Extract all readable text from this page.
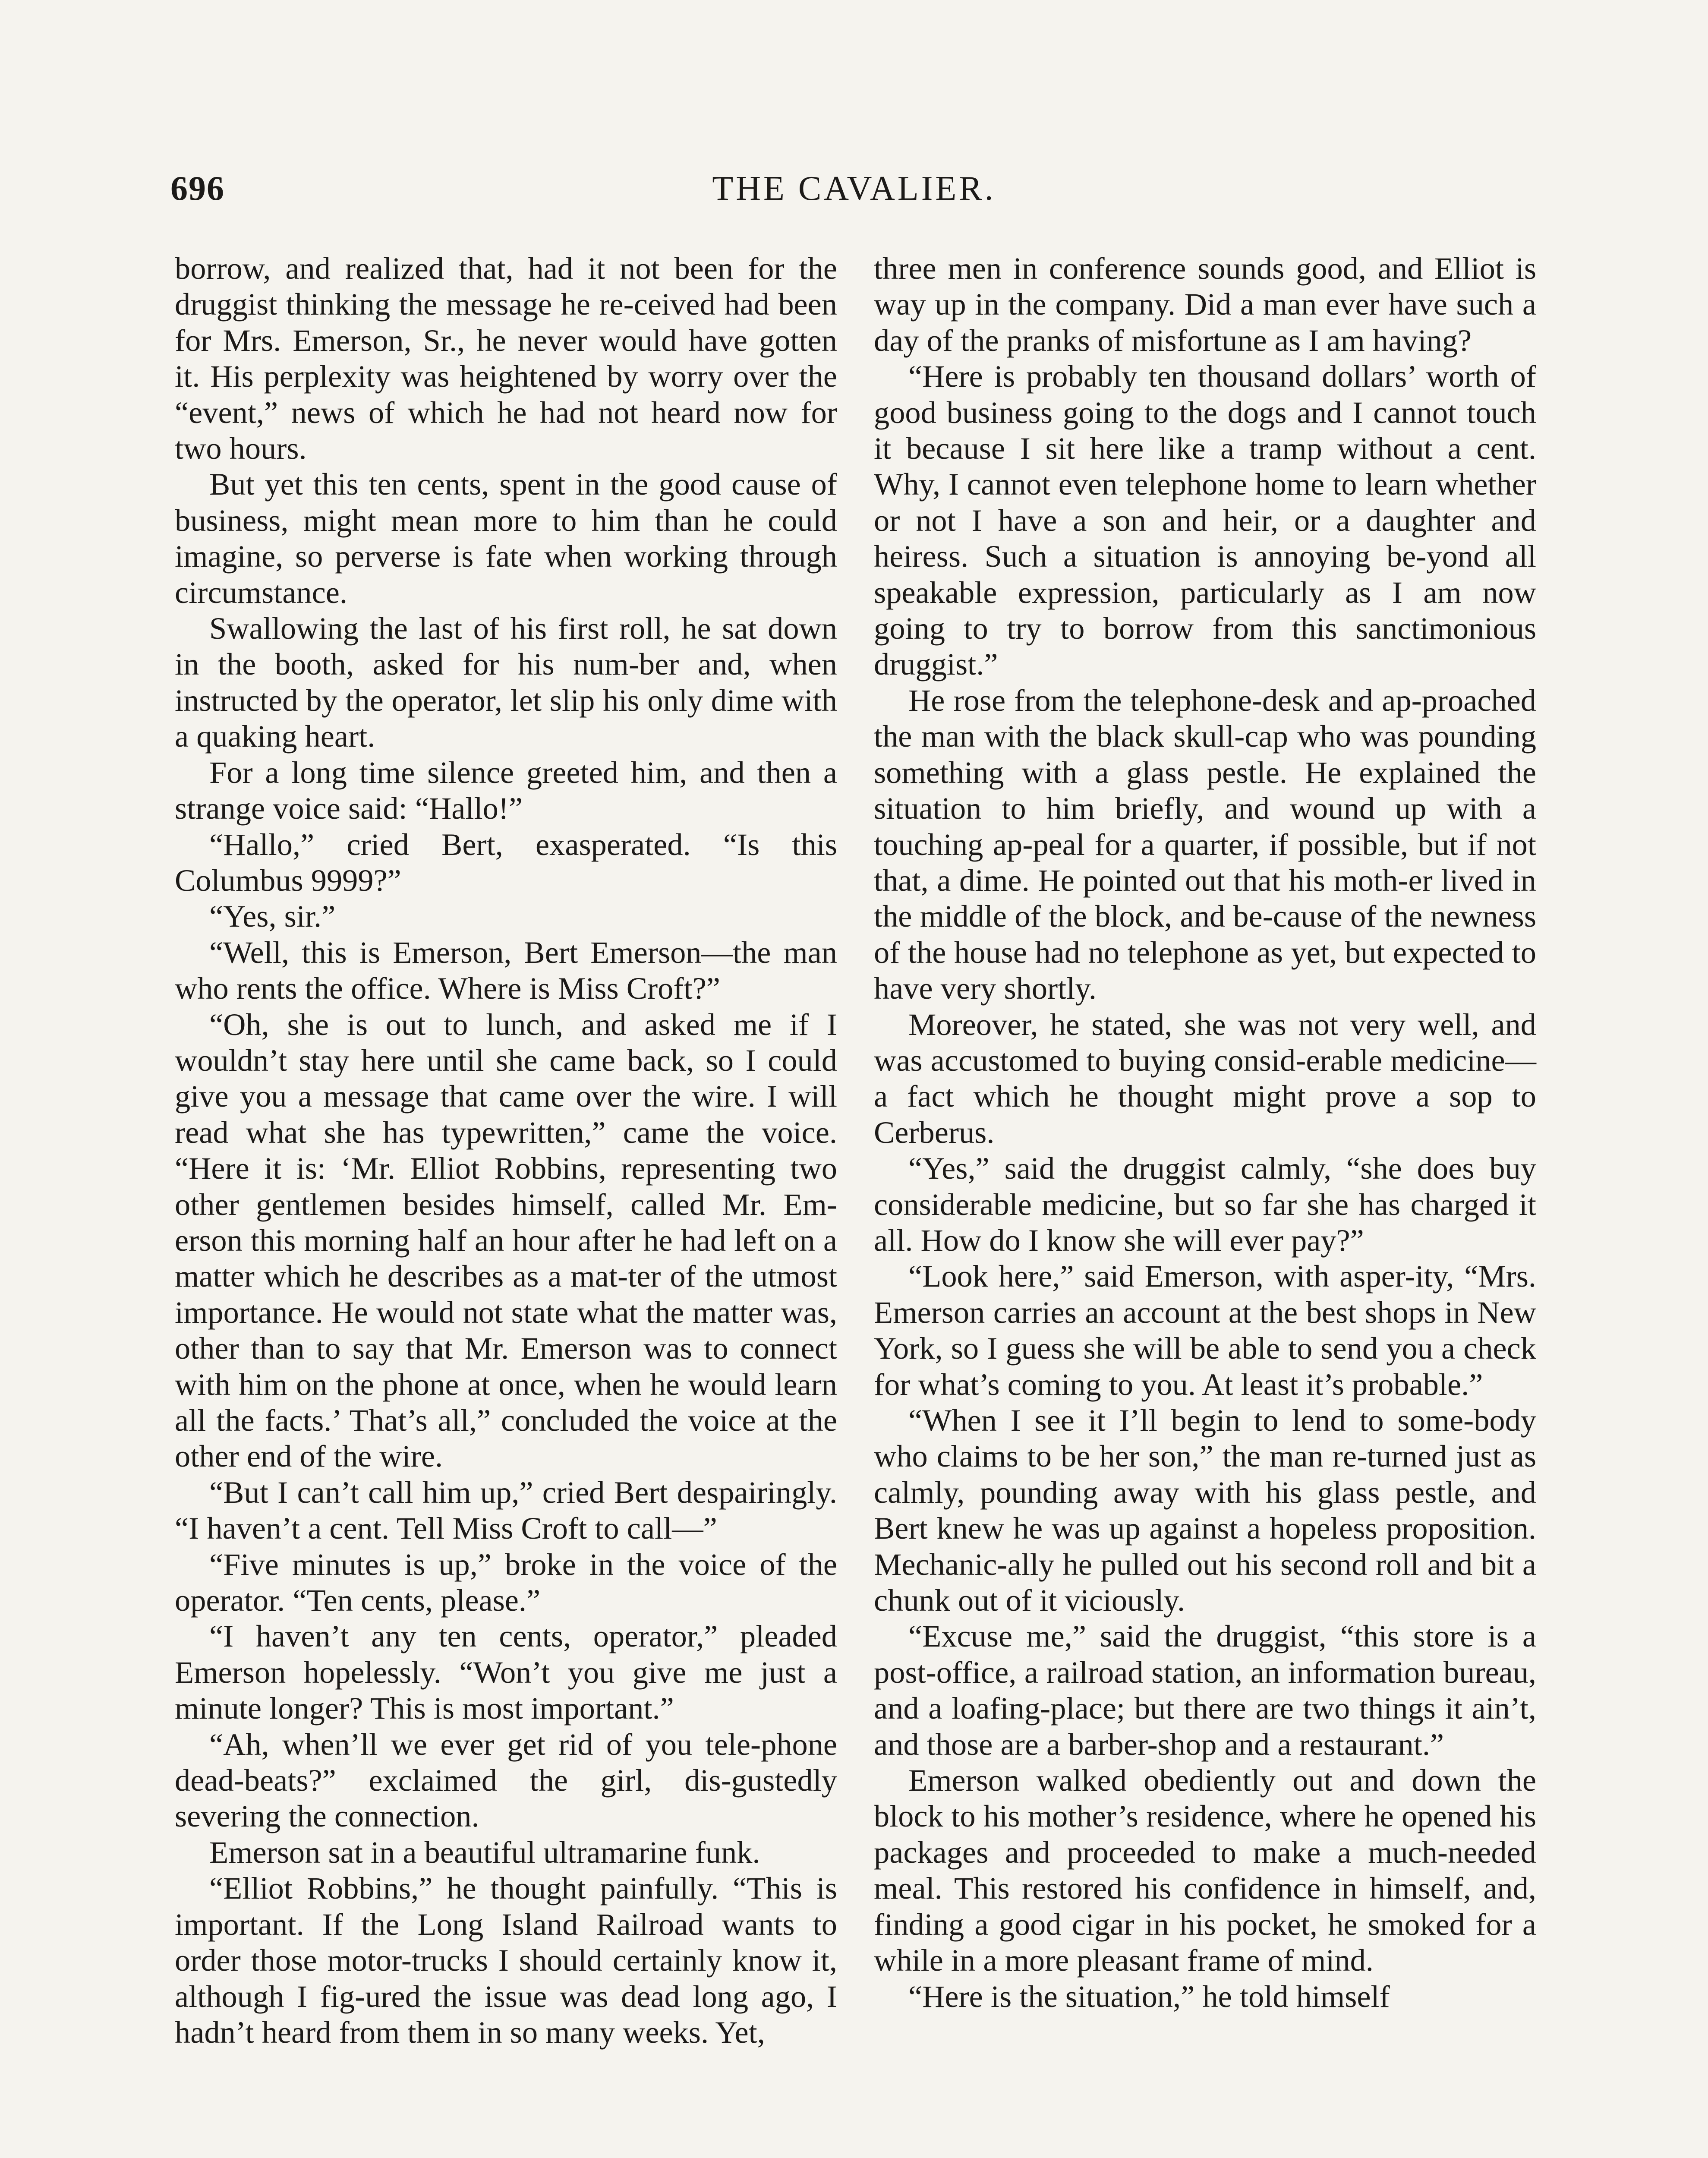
696	THE CAVALIER.

borrow, and realized that, had it not been for the druggist thinking the message he re-ceived had been for Mrs. Emerson, Sr., he never would have gotten it. His perplexity was heightened by worry over the “event,” news of which he had not heard now for two hours.

But yet this ten cents, spent in the good cause of business, might mean more to him than he could imagine, so perverse is fate when working through circumstance.

Swallowing the last of his first roll, he sat down in the booth, asked for his num-ber and, when instructed by the operator, let slip his only dime with a quaking heart.

For a long time silence greeted him, and then a strange voice said: “Hallo!”

“Hallo,” cried Bert, exasperated. “Is this Columbus 9999?”

“Yes, sir.”

“Well, this is Emerson, Bert Emerson—the man who rents the office. Where is Miss Croft?”

“Oh, she is out to lunch, and asked me if I wouldn’t stay here until she came back, so I could give you a message that came over the wire. I will read what she has typewritten,” came the voice. “Here it is: ‘Mr. Elliot Robbins, representing two other gentlemen besides himself, called Mr. Em-erson this morning half an hour after he had left on a matter which he describes as a mat-ter of the utmost importance. He would not state what the matter was, other than to say that Mr. Emerson was to connect with him on the phone at once, when he would learn all the facts.’ That’s all,” concluded the voice at the other end of the wire.

“But I can’t call him up,” cried Bert despairingly. “I haven’t a cent. Tell Miss Croft to call—”

“Five minutes is up,” broke in the voice of the operator. “Ten cents, please.”

“I haven’t any ten cents, operator,” pleaded Emerson hopelessly. “Won’t you give me just a minute longer? This is most important.”

“Ah, when’ll we ever get rid of you tele-phone dead-beats?” exclaimed the girl, dis-gustedly severing the connection.

Emerson sat in a beautiful ultramarine funk.

“Elliot Robbins,” he thought painfully. “This is important. If the Long Island Railroad wants to order those motor-trucks I should certainly know it, although I fig-ured the issue was dead long ago, I hadn’t heard from them in so many weeks. Yet,

three men in conference sounds good, and Elliot is way up in the company. Did a man ever have such a day of the pranks of misfortune as I am having?

“Here is probably ten thousand dollars’ worth of good business going to the dogs and I cannot touch it because I sit here like a tramp without a cent. Why, I cannot even telephone home to learn whether or not I have a son and heir, or a daughter and heiress. Such a situation is annoying be-yond all speakable expression, particularly as I am now going to try to borrow from this sanctimonious druggist.”

He rose from the telephone-desk and ap-proached the man with the black skull-cap who was pounding something with a glass pestle. He explained the situation to him briefly, and wound up with a touching ap-peal for a quarter, if possible, but if not that, a dime. He pointed out that his moth-er lived in the middle of the block, and be-cause of the newness of the house had no telephone as yet, but expected to have very shortly.

Moreover, he stated, she was not very well, and was accustomed to buying consid-erable medicine—a fact which he thought might prove a sop to Cerberus.

“Yes,” said the druggist calmly, “she does buy considerable medicine, but so far she has charged it all. How do I know she will ever pay?”

“Look here,” said Emerson, with asper-ity, “Mrs. Emerson carries an account at the best shops in New York, so I guess she will be able to send you a check for what’s coming to you. At least it’s probable.”

“When I see it I’ll begin to lend to some-body who claims to be her son,” the man re-turned just as calmly, pounding away with his glass pestle, and Bert knew he was up against a hopeless proposition. Mechanic-ally he pulled out his second roll and bit a chunk out of it viciously.

“Excuse me,” said the druggist, “this store is a post-office, a railroad station, an information bureau, and a loafing-place; but there are two things it ain’t, and those are a barber-shop and a restaurant.”

Emerson walked obediently out and down the block to his mother’s residence, where he opened his packages and proceeded to make a much-needed meal. This restored his confidence in himself, and, finding a good cigar in his pocket, he smoked for a while in a more pleasant frame of mind.

“Here is the situation,” he told himself
